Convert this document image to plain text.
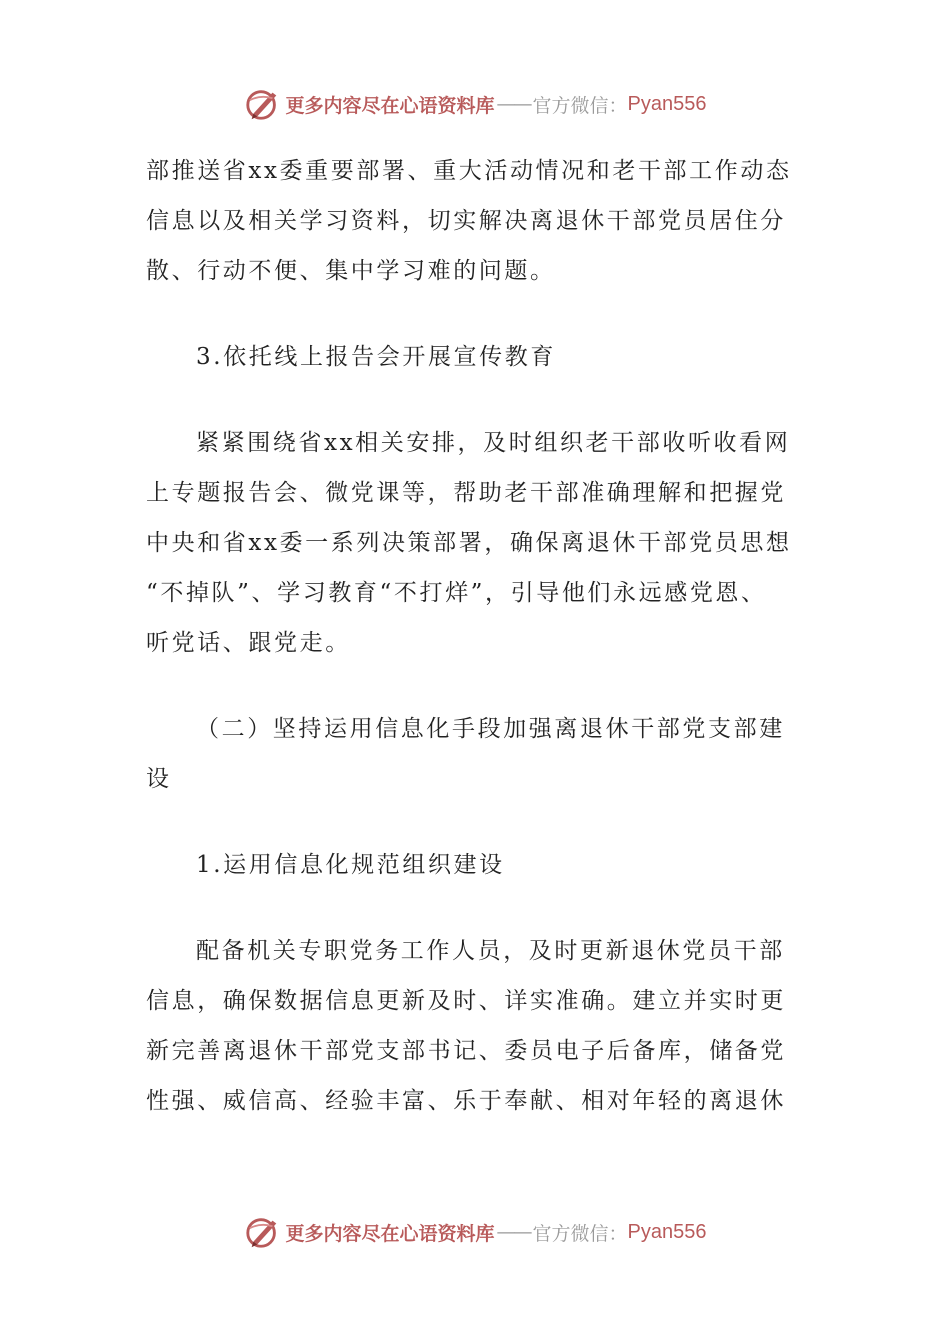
更多内容尽在心语资料库 —— 官方微信： Pyan556

部推送省xx委重要部署、重大活动情况和老干部工作动态
信息以及相关学习资料，切实解决离退休干部党员居住分
散、行动不便、集中学习难的问题。

3.依托线上报告会开展宣传教育

紧紧围绕省xx相关安排，及时组织老干部收听收看网
上专题报告会、微党课等，帮助老干部准确理解和把握党
中央和省xx委一系列决策部署，确保离退休干部党员思想
“不掉队”、学习教育“不打烊”，引导他们永远感党恩、
听党话、跟党走。

（二）坚持运用信息化手段加强离退休干部党支部建
设

1.运用信息化规范组织建设

配备机关专职党务工作人员，及时更新退休党员干部
信息，确保数据信息更新及时、详实准确。建立并实时更
新完善离退休干部党支部书记、委员电子后备库，储备党
性强、威信高、经验丰富、乐于奉献、相对年轻的离退休

更多内容尽在心语资料库 —— 官方微信： Pyan556
